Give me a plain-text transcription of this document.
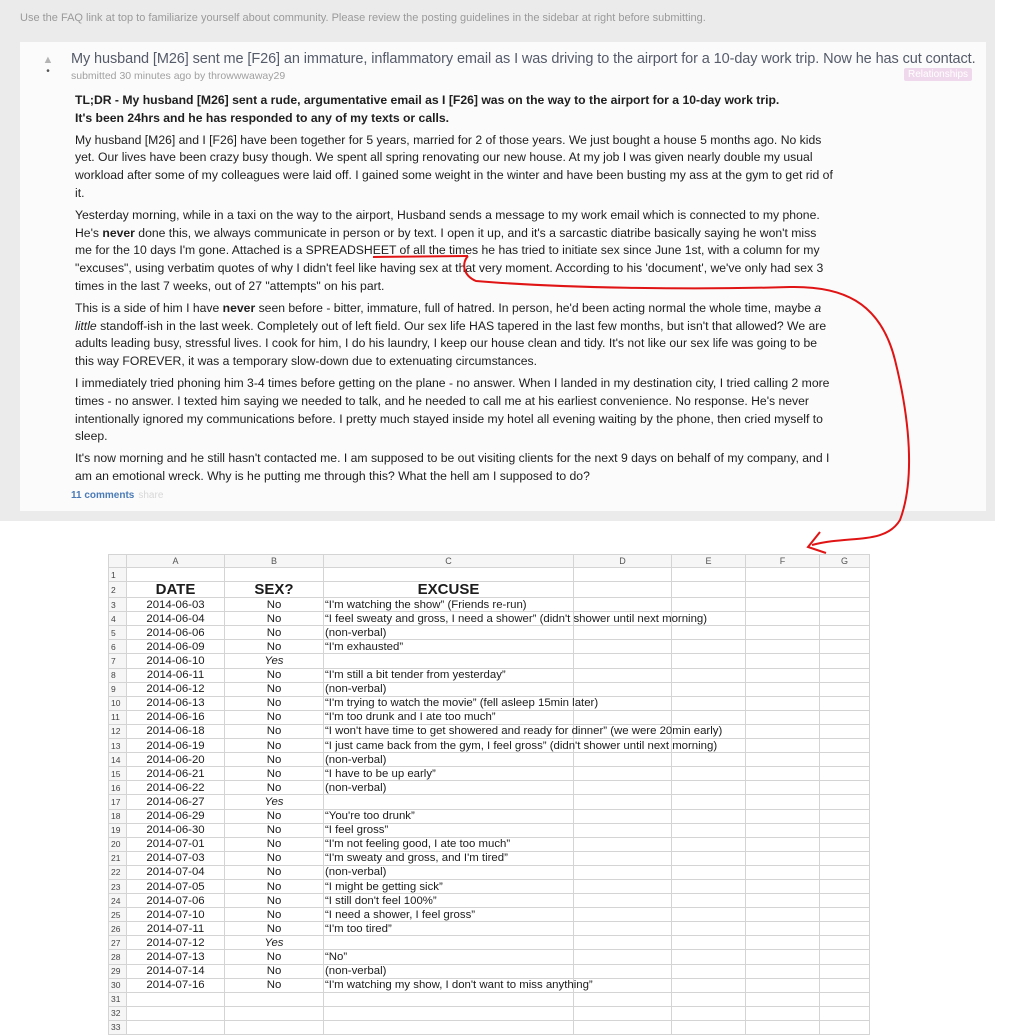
Use the FAQ link at top to familiarize yourself about community. Please review the posting guidelines in the sidebar at right before submitting.
▲
•
My husband [M26] sent me [F26] an immature, inflammatory email as I was driving to the airport for a 10-day work trip. Now he has cut contact.
submitted 30 minutes ago by throwwwaway29	Relationships

TL;DR - My husband [M26] sent a rude, argumentative email as I [F26] was on the way to the airport for a 10-day work trip.
It's been 24hrs and he has responded to any of my texts or calls.

My husband [M26] and I [F26] have been together for 5 years, married for 2 of those years. We just bought a house 5 months ago. No kids yet. Our lives have been crazy busy though. We spent all spring renovating our new house. At my job I was given nearly double my usual workload after some of my colleagues were laid off. I gained some weight in the winter and have been busting my ass at the gym to get rid of it.

Yesterday morning, while in a taxi on the way to the airport, Husband sends a message to my work email which is connected to my phone. He's never done this, we always communicate in person or by text. I open it up, and it's a sarcastic diatribe basically saying he won't miss me for the 10 days I'm gone. Attached is a SPREADSHEET of all the times he has tried to initiate sex since June 1st, with a column for my "excuses", using verbatim quotes of why I didn't feel like having sex at that very moment. According to his 'document', we've only had sex 3 times in the last 7 weeks, out of 27 "attempts" on his part.

This is a side of him I have never seen before - bitter, immature, full of hatred. In person, he'd been acting normal the whole time, maybe a little standoff-ish in the last week. Completely out of left field. Our sex life HAS tapered in the last few months, but isn't that allowed? We are adults leading busy, stressful lives. I cook for him, I do his laundry, I keep our house clean and tidy. It's not like our sex life was going to be this way FOREVER, it was a temporary slow-down due to extenuating circumstances.

I immediately tried phoning him 3-4 times before getting on the plane - no answer. When I landed in my destination city, I tried calling 2 more times - no answer. I texted him saying we needed to talk, and he needed to call me at his earliest convenience. No response. He's never intentionally ignored my communications before. I pretty much stayed inside my hotel all evening waiting by the phone, then cried myself to sleep.

It's now morning and he still hasn't contacted me. I am supposed to be out visiting clients for the next 9 days on behalf of my company, and I am an emotional wreck. Why is he putting me through this? What the hell am I supposed to do?

11 comments share
	A	B	C	D	E	F	G
1							
2	DATE	SEX?	EXCUSE				
3	2014-06-03	No	“I'm watching the show” (Friends re-run)				
4	2014-06-04	No	“I feel sweaty and gross, I need a shower” (didn't shower until next morning)				
5	2014-06-06	No	(non-verbal)				
6	2014-06-09	No	“I'm exhausted”				
7	2014-06-10	Yes					
8	2014-06-11	No	“I'm still a bit tender from yesterday”				
9	2014-06-12	No	(non-verbal)				
10	2014-06-13	No	“I'm trying to watch the movie” (fell asleep 15min later)				
11	2014-06-16	No	“I'm too drunk and I ate too much”				
12	2014-06-18	No	“I won't have time to get showered and ready for dinner” (we were 20min early)				
13	2014-06-19	No	“I just came back from the gym, I feel gross” (didn't shower until next morning)				
14	2014-06-20	No	(non-verbal)				
15	2014-06-21	No	“I have to be up early”				
16	2014-06-22	No	(non-verbal)				
17	2014-06-27	Yes					
18	2014-06-29	No	“You're too drunk”				
19	2014-06-30	No	“I feel gross”				
20	2014-07-01	No	“I'm not feeling good, I ate too much”				
21	2014-07-03	No	“I'm sweaty and gross, and I'm tired”				
22	2014-07-04	No	(non-verbal)				
23	2014-07-05	No	“I might be getting sick”				
24	2014-07-06	No	“I still don't feel 100%”				
25	2014-07-10	No	“I need a shower, I feel gross”				
26	2014-07-11	No	“I'm too tired”				
27	2014-07-12	Yes					
28	2014-07-13	No	“No”				
29	2014-07-14	No	(non-verbal)				
30	2014-07-16	No	“I'm watching my show, I don't want to miss anything”				
31							
32							
33							
